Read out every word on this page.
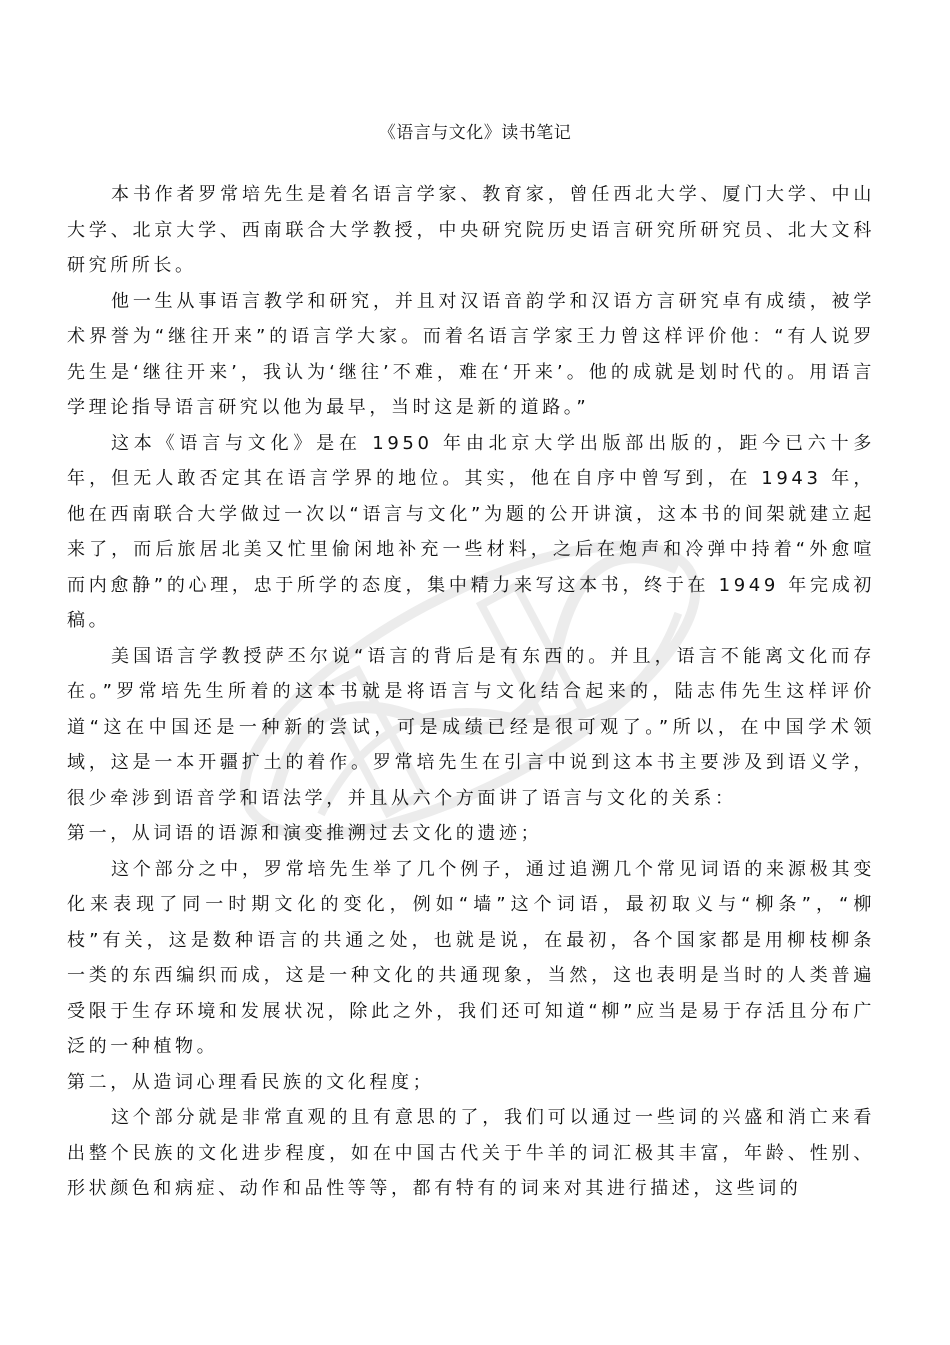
《语言与文化》读书笔记

本书作者罗常培先生是着名语言学家、教育家，曾任西北大学、厦门大学、中山大学、北京大学、西南联合大学教授，中央研究院历史语言研究所研究员、北大文科研究所所长。

他一生从事语言教学和研究，并且对汉语音韵学和汉语方言研究卓有成绩，被学术界誉为“继往开来”的语言学大家。而着名语言学家王力曾这样评价他：“有人说罗先生是‘继往开来’，我认为‘继往’不难，难在‘开来’。他的成就是划时代的。用语言学理论指导语言研究以他为最早，当时这是新的道路。”

这本《语言与文化》是在 1950 年由北京大学出版部出版的，距今已六十多年，但无人敢否定其在语言学界的地位。其实，他在自序中曾写到，在 1943 年，他在西南联合大学做过一次以“语言与文化”为题的公开讲演，这本书的间架就建立起来了，而后旅居北美又忙里偷闲地补充一些材料，之后在炮声和冷弹中持着“外愈喧而内愈静”的心理，忠于所学的态度，集中精力来写这本书，终于在 1949 年完成初稿。

美国语言学教授萨丕尔说“语言的背后是有东西的。并且，语言不能离文化而存在。”罗常培先生所着的这本书就是将语言与文化结合起来的，陆志伟先生这样评价道“这在中国还是一种新的尝试，可是成绩已经是很可观了。”所以，在中国学术领域，这是一本开疆扩土的着作。罗常培先生在引言中说到这本书主要涉及到语义学，很少牵涉到语音学和语法学，并且从六个方面讲了语言与文化的关系：

第一，从词语的语源和演变推溯过去文化的遗迹；

这个部分之中，罗常培先生举了几个例子，通过追溯几个常见词语的来源极其变化来表现了同一时期文化的变化，例如“墙”这个词语，最初取义与“柳条”，“柳枝”有关，这是数种语言的共通之处，也就是说，在最初，各个国家都是用柳枝柳条一类的东西编织而成，这是一种文化的共通现象，当然，这也表明是当时的人类普遍受限于生存环境和发展状况，除此之外，我们还可知道“柳”应当是易于存活且分布广泛的一种植物。

第二，从造词心理看民族的文化程度；

这个部分就是非常直观的且有意思的了，我们可以通过一些词的兴盛和消亡来看出整个民族的文化进步程度，如在中国古代关于牛羊的词汇极其丰富，年龄、性别、形状颜色和病症、动作和品性等等，都有特有的词来对其进行描述，这些词的
